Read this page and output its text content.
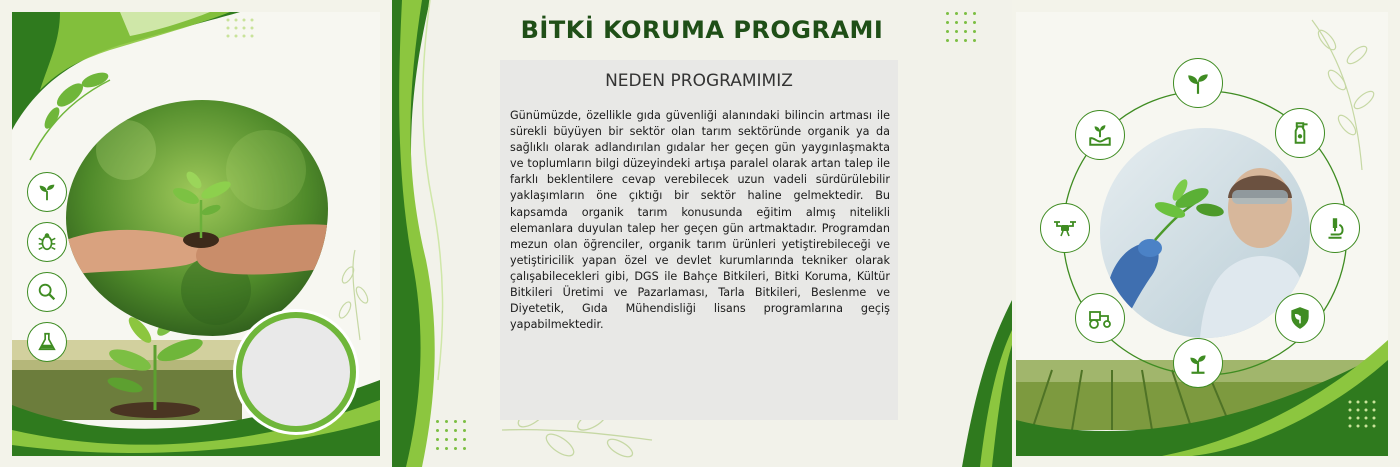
BİTKİ KORUMA PROGRAMI
NEDEN PROGRAMIMIZ
Günümüzde, özellikle gıda güvenliği alanındaki bilincin artması ile sürekli büyüyen bir sektör olan tarım sektöründe organik ya da sağlıklı olarak adlandırılan gıdalar her geçen gün yaygınlaşmakta ve toplumların bilgi düzeyindeki artışa paralel olarak artan talep ile farklı beklentilere cevap verebilecek uzun vadeli sürdürülebilir yaklaşımların öne çıktığı bir sektör haline gelmektedir. Bu kapsamda organik tarım konusunda eğitim almış nitelikli elemanlara duyulan talep her geçen gün artmaktadır. Programdan mezun olan öğrenciler, organik tarım ürünleri yetiştirebileceği ve yetiştiricilik yapan özel ve devlet kurumlarında tekniker olarak çalışabilecekleri gibi, DGS ile Bahçe Bitkileri, Bitki Koruma, Kültür Bitkileri Üretimi ve Pazarlaması, Tarla Bitkileri, Beslenme ve Diyetetik, Gıda Mühendisliği lisans programlarına geçiş yapabilmektedir.
